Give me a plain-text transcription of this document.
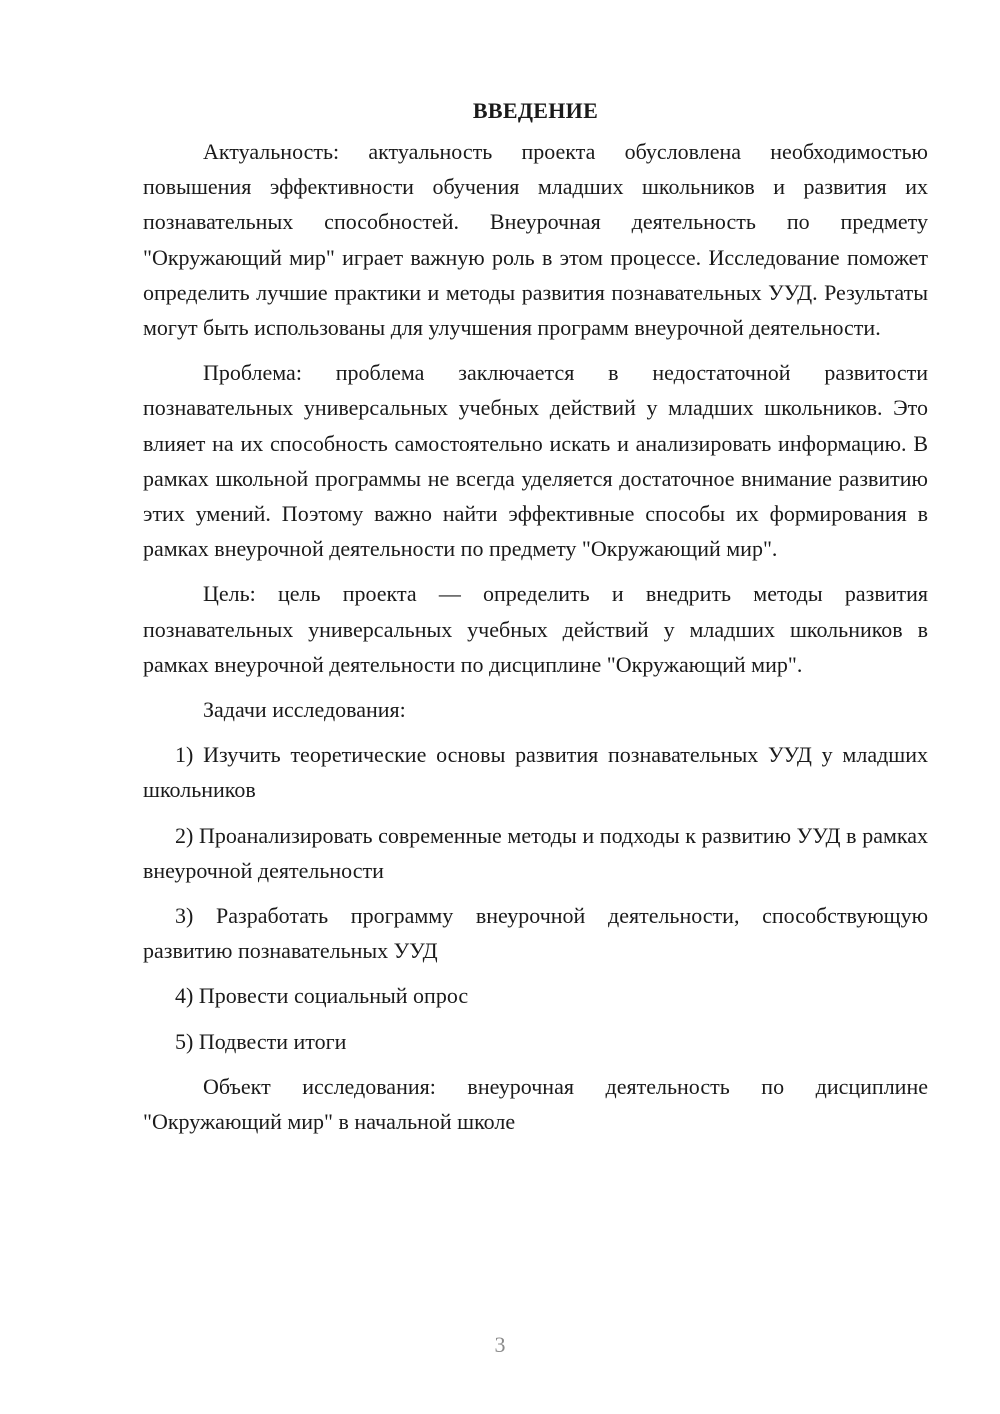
ВВЕДЕНИЕ

Актуальность: актуальность проекта обусловлена необходимостью повышения эффективности обучения младших школьников и развития их познавательных способностей. Внеурочная деятельность по предмету "Окружающий мир" играет важную роль в этом процессе. Исследование поможет определить лучшие практики и методы развития познавательных УУД. Результаты могут быть использованы для улучшения программ внеурочной деятельности.

Проблема: проблема заключается в недостаточной развитости познавательных универсальных учебных действий у младших школьников. Это влияет на их способность самостоятельно искать и анализировать информацию. В рамках школьной программы не всегда уделяется достаточное внимание развитию этих умений. Поэтому важно найти эффективные способы их формирования в рамках внеурочной деятельности по предмету "Окружающий мир".

Цель: цель проекта — определить и внедрить методы развития познавательных универсальных учебных действий у младших школьников в рамках внеурочной деятельности по дисциплине "Окружающий мир".

Задачи исследования:

1) Изучить теоретические основы развития познавательных УУД у младших школьников

2) Проанализировать современные методы и подходы к развитию УУД в рамках внеурочной деятельности

3) Разработать программу внеурочной деятельности, способствующую развитию познавательных УУД

4) Провести социальный опрос

5) Подвести итоги

Объект исследования: внеурочная деятельность по дисциплине "Окружающий мир" в начальной школе

3
